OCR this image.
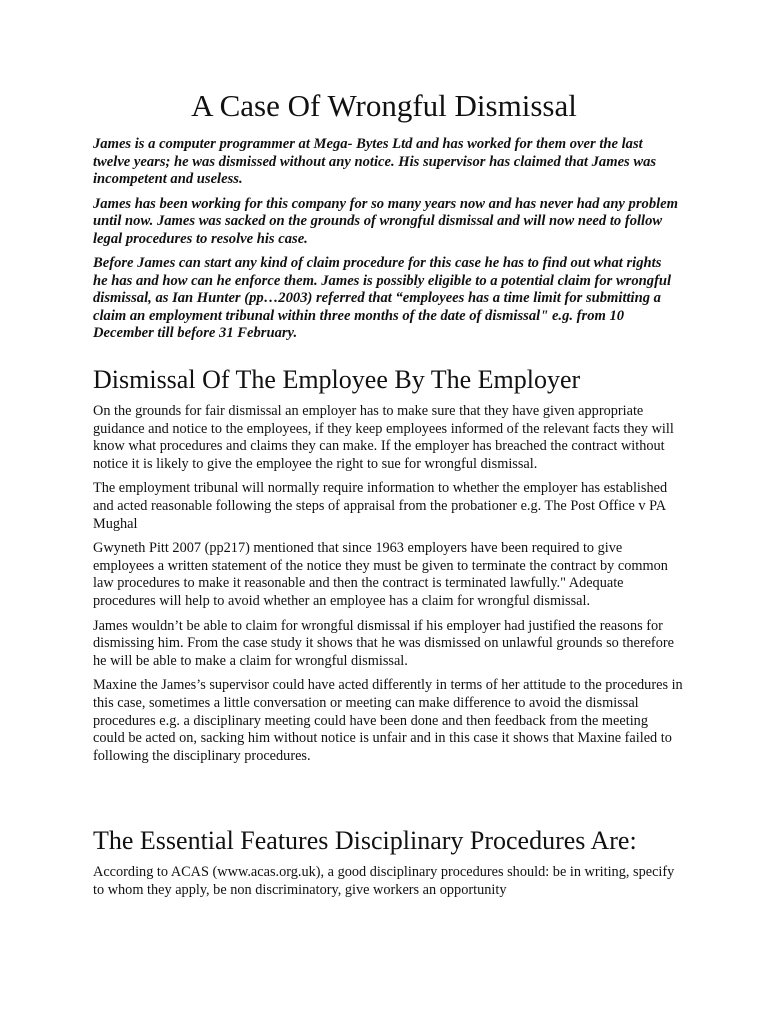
A Case Of Wrongful Dismissal

James is a computer programmer at Mega- Bytes Ltd and has worked for them over the last twelve years; he was dismissed without any notice. His supervisor has claimed that James was incompetent and useless.

James has been working for this company for so many years now and has never had any problem until now. James was sacked on the grounds of wrongful dismissal and will now need to follow legal procedures to resolve his case.

Before James can start any kind of claim procedure for this case he has to find out what rights he has and how can he enforce them. James is possibly eligible to a potential claim for wrongful dismissal, as Ian Hunter (pp…2003) referred that “employees has a time limit for submitting a claim an employment tribunal within three months of the date of dismissal" e.g. from 10 December till before 31 February.

Dismissal Of The Employee By The Employer

On the grounds for fair dismissal an employer has to make sure that they have given appropriate guidance and notice to the employees, if they keep employees informed of the relevant facts they will know what procedures and claims they can make. If the employer has breached the contract without notice it is likely to give the employee the right to sue for wrongful dismissal.

The employment tribunal will normally require information to whether the employer has established and acted reasonable following the steps of appraisal from the probationer e.g. The Post Office v PA Mughal

Gwyneth Pitt 2007 (pp217) mentioned that since 1963 employers have been required to give employees a written statement of the notice they must be given to terminate the contract by common law procedures to make it reasonable and then the contract is terminated lawfully." Adequate procedures will help to avoid whether an employee has a claim for wrongful dismissal.

James wouldn’t be able to claim for wrongful dismissal if his employer had justified the reasons for dismissing him. From the case study it shows that he was dismissed on unlawful grounds so therefore he will be able to make a claim for wrongful dismissal.

Maxine the James’s supervisor could have acted differently in terms of her attitude to the procedures in this case, sometimes a little conversation or meeting can make difference to avoid the dismissal procedures e.g. a disciplinary meeting could have been done and then feedback from the meeting could be acted on, sacking him without notice is unfair and in this case it shows that Maxine failed to following the disciplinary procedures.

The Essential Features Disciplinary Procedures Are:

According to ACAS (www.acas.org.uk), a good disciplinary procedures should: be in writing, specify to whom they apply, be non discriminatory, give workers an opportunity
